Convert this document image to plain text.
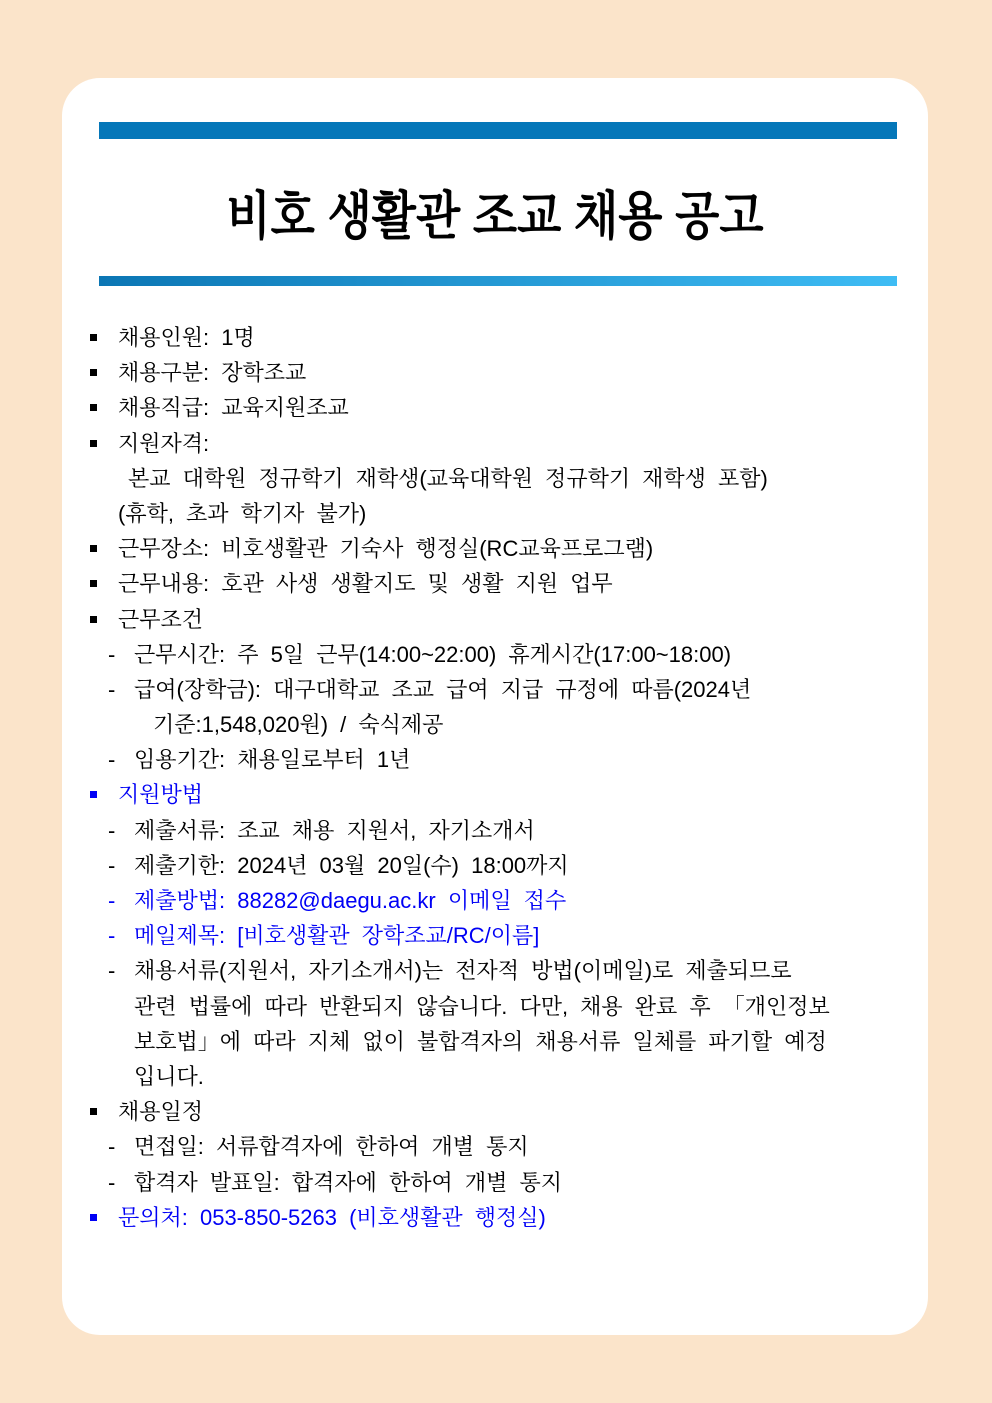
비호 생활관 조교 채용 공고
채용인원: 1명
채용구분: 장학조교
채용직급: 교육지원조교
지원자격:
본교 대학원 정규학기 재학생(교육대학원 정규학기 재학생 포함)
(휴학, 초과 학기자 불가)
근무장소: 비호생활관 기숙사 행정실(RC교육프로그램)
근무내용: 호관 사생 생활지도 및 생활 지원 업무
근무조건
- 근무시간: 주 5일 근무(14:00~22:00) 휴게시간(17:00~18:00)
- 급여(장학금): 대구대학교 조교 급여 지급 규정에 따름(2024년
기준:1,548,020원) / 숙식제공
- 임용기간: 채용일로부터 1년
지원방법
- 제출서류: 조교 채용 지원서, 자기소개서
- 제출기한: 2024년 03월 20일(수) 18:00까지
- 제출방법: 88282@daegu.ac.kr 이메일 접수
- 메일제목: [비호생활관 장학조교/RC/이름]
- 채용서류(지원서, 자기소개서)는 전자적 방법(이메일)로 제출되므로
관련 법률에 따라 반환되지 않습니다. 다만, 채용 완료 후 「개인정보
보호법」에 따라 지체 없이 불합격자의 채용서류 일체를 파기할 예정
입니다.
채용일정
- 면접일: 서류합격자에 한하여 개별 통지
- 합격자 발표일: 합격자에 한하여 개별 통지
문의처: 053-850-5263 (비호생활관 행정실)
